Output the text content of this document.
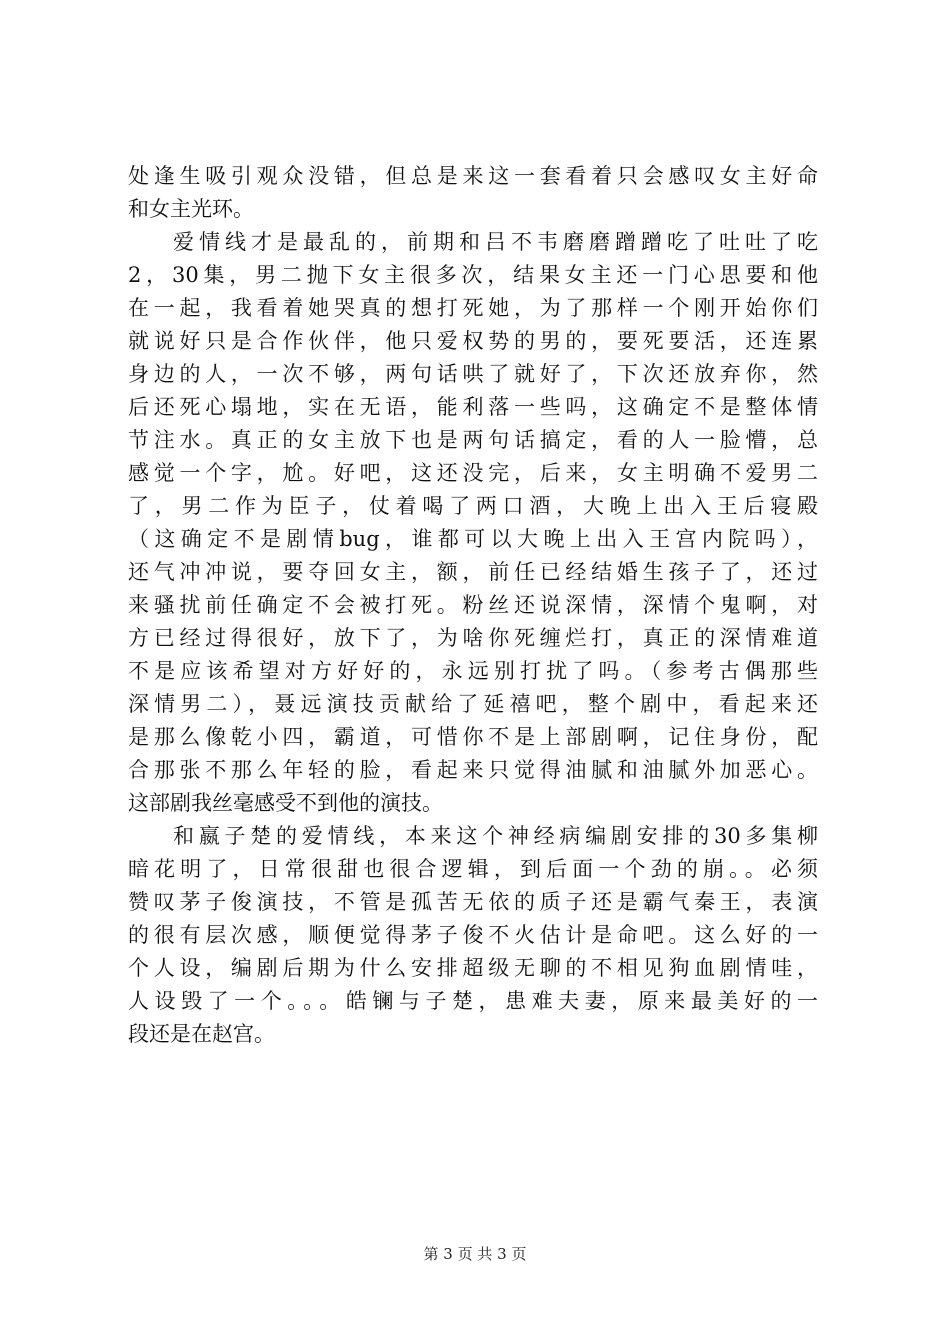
处逢生吸引观众没错，但总是来这一套看着只会感叹女主好命
和女主光环。
爱情线才是最乱的，前期和吕不韦磨磨蹭蹭吃了吐吐了吃
2，30集，男二抛下女主很多次，结果女主还一门心思要和他
在一起，我看着她哭真的想打死她，为了那样一个刚开始你们
就说好只是合作伙伴，他只爱权势的男的，要死要活，还连累
身边的人，一次不够，两句话哄了就好了，下次还放弃你，然
后还死心塌地，实在无语，能利落一些吗，这确定不是整体情
节注水。真正的女主放下也是两句话搞定，看的人一脸懵，总
感觉一个字，尬。好吧，这还没完，后来，女主明确不爱男二
了，男二作为臣子，仗着喝了两口酒，大晚上出入王后寝殿
（这确定不是剧情bug，谁都可以大晚上出入王宫内院吗），
还气冲冲说，要夺回女主，额，前任已经结婚生孩子了，还过
来骚扰前任确定不会被打死。粉丝还说深情，深情个鬼啊，对
方已经过得很好，放下了，为啥你死缠烂打，真正的深情难道
不是应该希望对方好好的，永远别打扰了吗。（参考古偶那些
深情男二），聂远演技贡献给了延禧吧，整个剧中，看起来还
是那么像乾小四，霸道，可惜你不是上部剧啊，记住身份，配
合那张不那么年轻的脸，看起来只觉得油腻和油腻外加恶心。
这部剧我丝毫感受不到他的演技。
和嬴子楚的爱情线，本来这个神经病编剧安排的30多集柳
暗花明了，日常很甜也很合逻辑，到后面一个劲的崩。。必须
赞叹茅子俊演技，不管是孤苦无依的质子还是霸气秦王，表演
的很有层次感，顺便觉得茅子俊不火估计是命吧。这么好的一
个人设，编剧后期为什么安排超级无聊的不相见狗血剧情哇，
人设毁了一个。。。皓镧与子楚，患难夫妻，原来最美好的一
段还是在赵宫。
第 3 页 共 3 页
